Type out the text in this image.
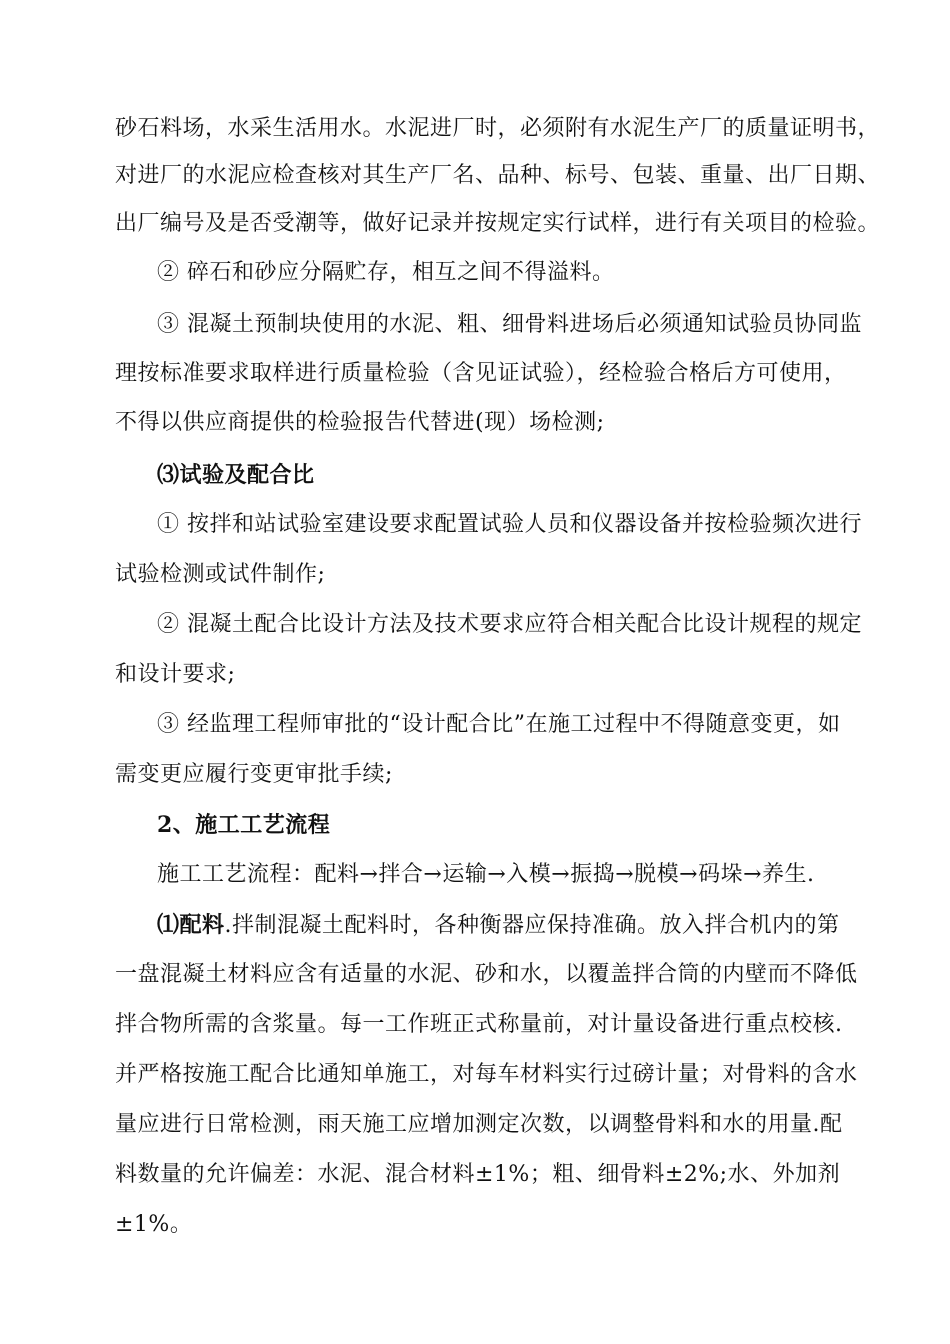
砂石料场，水采生活用水。水泥进厂时，必须附有水泥生产厂的质量证明书，
对进厂的水泥应检查核对其生产厂名、品种、标号、包装、重量、出厂日期、
出厂编号及是否受潮等，做好记录并按规定实行试样，进行有关项目的检验。
② 碎石和砂应分隔贮存，相互之间不得溢料。
③ 混凝土预制块使用的水泥、粗、细骨料进场后必须通知试验员协同监
理按标准要求取样进行质量检验（含见证试验），经检验合格后方可使用，
不得以供应商提供的检验报告代替进(现）场检测;
⑶试验及配合比
① 按拌和站试验室建设要求配置试验人员和仪器设备并按检验频次进行
试验检测或试件制作;
② 混凝土配合比设计方法及技术要求应符合相关配合比设计规程的规定
和设计要求;
③ 经监理工程师审批的“设计配合比”在施工过程中不得随意变更，如
需变更应履行变更审批手续;
2、施工工艺流程
施工工艺流程：配料→拌合→运输→入模→振捣→脱模→码垛→养生.
⑴配料.拌制混凝土配料时，各种衡器应保持准确。放入拌合机内的第
一盘混凝土材料应含有适量的水泥、砂和水，以覆盖拌合筒的内壁而不降低
拌合物所需的含浆量。每一工作班正式称量前，对计量设备进行重点校核.
并严格按施工配合比通知单施工，对每车材料实行过磅计量；对骨料的含水
量应进行日常检测，雨天施工应增加测定次数，以调整骨料和水的用量.配
料数量的允许偏差：水泥、混合材料±1%；粗、细骨料±2%;水、外加剂
±1%。
